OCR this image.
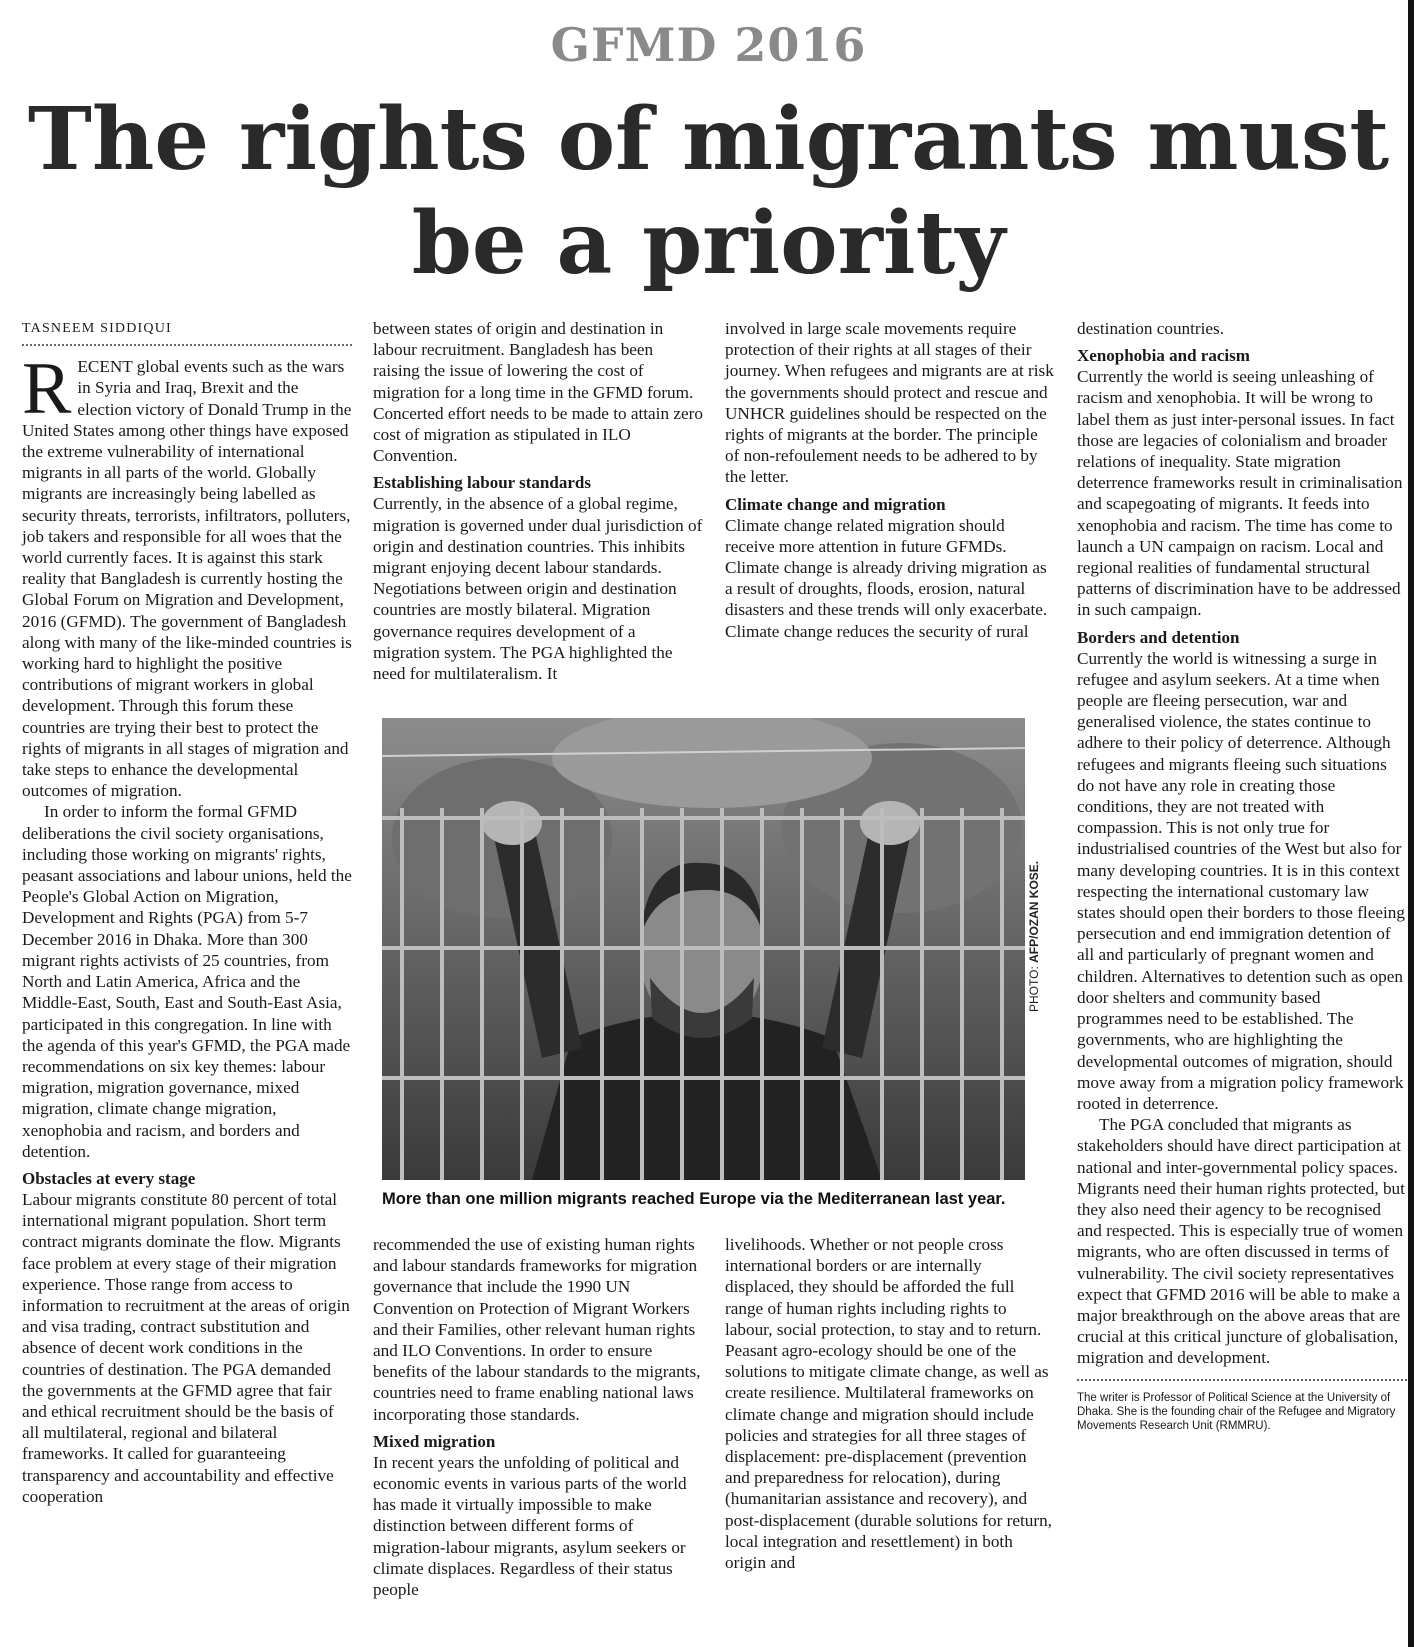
GFMD 2016
The rights of migrants must be a priority
TASNEEM SIDDIQUI

RECENT global events such as the wars in Syria and Iraq, Brexit and the election victory of Donald Trump in the United States among other things have exposed the extreme vulnerability of international migrants in all parts of the world. Globally migrants are increasingly being labelled as security threats, terrorists, infiltrators, polluters, job takers and responsible for all woes that the world currently faces. It is against this stark reality that Bangladesh is currently hosting the Global Forum on Migration and Development, 2016 (GFMD). The government of Bangladesh along with many of the like-minded countries is working hard to highlight the positive contributions of migrant workers in global development. Through this forum these countries are trying their best to protect the rights of migrants in all stages of migration and take steps to enhance the developmental outcomes of migration.

In order to inform the formal GFMD deliberations the civil society organisations, including those working on migrants' rights, peasant associations and labour unions, held the People's Global Action on Migration, Development and Rights (PGA) from 5-7 December 2016 in Dhaka. More than 300 migrant rights activists of 25 countries, from North and Latin America, Africa and the Middle-East, South, East and South-East Asia, participated in this congregation. In line with the agenda of this year's GFMD, the PGA made recommendations on six key themes: labour migration, migration governance, mixed migration, climate change migration, xenophobia and racism, and borders and detention.

Obstacles at every stage

Labour migrants constitute 80 percent of total international migrant population. Short term contract migrants dominate the flow. Migrants face problem at every stage of their migration experience. Those range from access to information to recruitment at the areas of origin and visa trading, contract substitution and absence of decent work conditions in the countries of destination. The PGA demanded the governments at the GFMD agree that fair and ethical recruitment should be the basis of all multilateral, regional and bilateral frameworks. It called for guaranteeing transparency and accountability and effective cooperation

between states of origin and destination in labour recruitment. Bangladesh has been raising the issue of lowering the cost of migration for a long time in the GFMD forum. Concerted effort needs to be made to attain zero cost of migration as stipulated in ILO Convention.

Establishing labour standards

Currently, in the absence of a global regime, migration is governed under dual jurisdiction of origin and destination countries. This inhibits migrant enjoying decent labour standards. Negotiations between origin and destination countries are mostly bilateral. Migration governance requires development of a migration system. The PGA highlighted the need for multilateralism. It

involved in large scale movements require protection of their rights at all stages of their journey. When refugees and migrants are at risk the governments should protect and rescue and UNHCR guidelines should be respected on the rights of migrants at the border. The principle of non-refoulement needs to be adhered to by the letter.

Climate change and migration

Climate change related migration should receive more attention in future GFMDs. Climate change is already driving migration as a result of droughts, floods, erosion, natural disasters and these trends will only exacerbate. Climate change reduces the security of rural

PHOTO: AFP/OZAN KOSE.
More than one million migrants reached Europe via the Mediterranean last year.

recommended the use of existing human rights and labour standards frameworks for migration governance that include the 1990 UN Convention on Protection of Migrant Workers and their Families, other relevant human rights and ILO Conventions. In order to ensure benefits of the labour standards to the migrants, countries need to frame enabling national laws incorporating those standards.

Mixed migration

In recent years the unfolding of political and economic events in various parts of the world has made it virtually impossible to make distinction between different forms of migration-labour migrants, asylum seekers or climate displaces. Regardless of their status people

livelihoods. Whether or not people cross international borders or are internally displaced, they should be afforded the full range of human rights including rights to labour, social protection, to stay and to return. Peasant agro-ecology should be one of the solutions to mitigate climate change, as well as create resilience. Multilateral frameworks on climate change and migration should include policies and strategies for all three stages of displacement: pre-displacement (prevention and preparedness for relocation), during (humanitarian assistance and recovery), and post-displacement (durable solutions for return, local integration and resettlement) in both origin and

destination countries.

Xenophobia and racism

Currently the world is seeing unleashing of racism and xenophobia. It will be wrong to label them as just inter-personal issues. In fact those are legacies of colonialism and broader relations of inequality. State migration deterrence frameworks result in criminalisation and scapegoating of migrants. It feeds into xenophobia and racism. The time has come to launch a UN campaign on racism. Local and regional realities of fundamental structural patterns of discrimination have to be addressed in such campaign.

Borders and detention

Currently the world is witnessing a surge in refugee and asylum seekers. At a time when people are fleeing persecution, war and generalised violence, the states continue to adhere to their policy of deterrence. Although refugees and migrants fleeing such situations do not have any role in creating those conditions, they are not treated with compassion. This is not only true for industrialised countries of the West but also for many developing countries. It is in this context respecting the international customary law states should open their borders to those fleeing persecution and end immigration detention of all and particularly of pregnant women and children. Alternatives to detention such as open door shelters and community based programmes need to be established. The governments, who are highlighting the developmental outcomes of migration, should move away from a migration policy framework rooted in deterrence.

The PGA concluded that migrants as stakeholders should have direct participation at national and inter-governmental policy spaces. Migrants need their human rights protected, but they also need their agency to be recognised and respected. This is especially true of women migrants, who are often discussed in terms of vulnerability. The civil society representatives expect that GFMD 2016 will be able to make a major breakthrough on the above areas that are crucial at this critical juncture of globalisation, migration and development.

The writer is Professor of Political Science at the University of Dhaka. She is the founding chair of the Refugee and Migratory Movements Research Unit (RMMRU).
